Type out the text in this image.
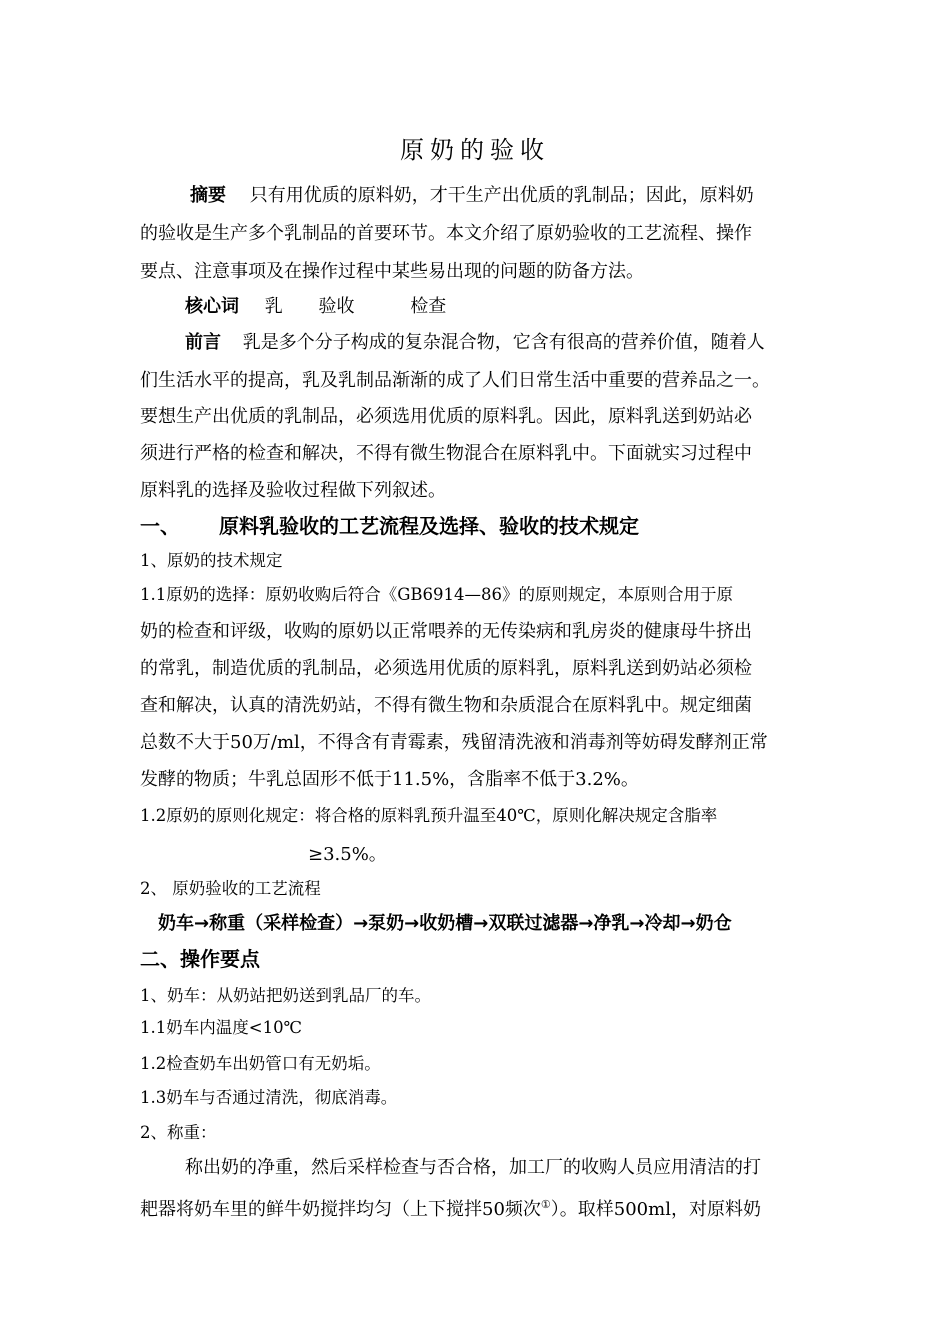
原奶的验收
摘要 只有用优质的原料奶，才干生产出优质的乳制品；因此，原料奶
的验收是生产多个乳制品的首要环节。本文介绍了原奶验收的工艺流程、操作
要点、注意事项及在操作过程中某些易出现的问题的防备方法。
核心词 乳 验收	检查
前言 乳是多个分子构成的复杂混合物，它含有很高的营养价值，随着人
们生活水平的提高，乳及乳制品渐渐的成了人们日常生活中重要的营养品之一。
要想生产出优质的乳制品，必须选用优质的原料乳。因此，原料乳送到奶站必
须进行严格的检查和解决，不得有微生物混合在原料乳中。下面就实习过程中
原料乳的选择及验收过程做下列叙述。
一、 原料乳验收的工艺流程及选择、验收的技术规定
1、原奶的技术规定
1.1原奶的选择：原奶收购后符合《GB6914—86》的原则规定，本原则合用于原
奶的检查和评级，收购的原奶以正常喂养的无传染病和乳房炎的健康母牛挤出
的常乳，制造优质的乳制品，必须选用优质的原料乳，原料乳送到奶站必须检
查和解决，认真的清洗奶站，不得有微生物和杂质混合在原料乳中。规定细菌
总数不大于50万/ml，不得含有青霉素，残留清洗液和消毒剂等妨碍发酵剂正常
发酵的物质；牛乳总固形不低于11.5%，含脂率不低于3.2%。
1.2原奶的原则化规定：将合格的原料乳预升温至40℃，原则化解决规定含脂率
≥3.5%。
2、 原奶验收的工艺流程
奶车→称重（采样检查）→泵奶→收奶槽→双联过滤器→净乳→冷却→奶仓
二、操作要点
1、奶车：从奶站把奶送到乳品厂的车。
1.1奶车内温度<10℃
1.2检查奶车出奶管口有无奶垢。
1.3奶车与否通过清洗，彻底消毒。
2、称重：
称出奶的净重，然后采样检查与否合格，加工厂的收购人员应用清洁的打
耙器将奶车里的鲜牛奶搅拌均匀（上下搅拌50频次①）。取样500ml，对原料奶
